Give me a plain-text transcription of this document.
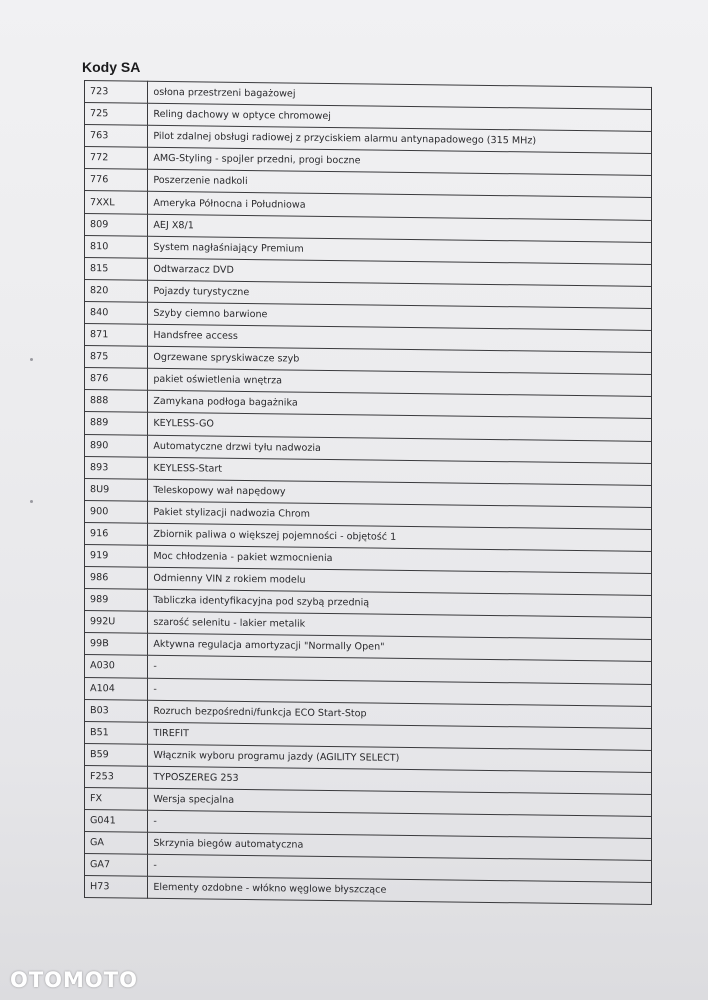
Kody SA
723	osłona przestrzeni bagażowej
725	Reling dachowy w optyce chromowej
763	Pilot zdalnej obsługi radiowej z przyciskiem alarmu antynapadowego (315 MHz)
772	AMG-Styling - spojler przedni, progi boczne
776	Poszerzenie nadkoli
7XXL	Ameryka Północna i Południowa
809	AEJ X8/1
810	System nagłaśniający Premium
815	Odtwarzacz DVD
820	Pojazdy turystyczne
840	Szyby ciemno barwione
871	Handsfree access
875	Ogrzewane spryskiwacze szyb
876	pakiet oświetlenia wnętrza
888	Zamykana podłoga bagażnika
889	KEYLESS-GO
890	Automatyczne drzwi tyłu nadwozia
893	KEYLESS-Start
8U9	Teleskopowy wał napędowy
900	Pakiet stylizacji nadwozia Chrom
916	Zbiornik paliwa o większej pojemności - objętość 1
919	Moc chłodzenia - pakiet wzmocnienia
986	Odmienny VIN z rokiem modelu
989	Tabliczka identyfikacyjna pod szybą przednią
992U	szarość selenitu - lakier metalik
99B	Aktywna regulacja amortyzacji "Normally Open"
A030	-
A104	-
B03	Rozruch bezpośredni/funkcja ECO Start-Stop
B51	TIREFIT
B59	Włącznik wyboru programu jazdy (AGILITY SELECT)
F253	TYPOSZEREG 253
FX	Wersja specjalna
G041	-
GA	Skrzynia biegów automatyczna
GA7	-
H73	Elementy ozdobne - włókno węglowe błyszczące
OTOMOTO
